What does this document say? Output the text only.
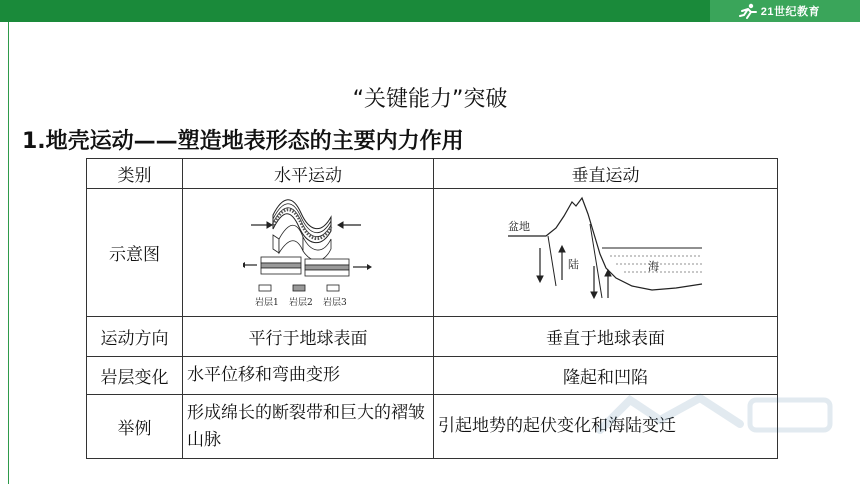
21世纪教育
“关键能力”突破
1.地壳运动——塑造地表形态的主要内力作用
类别	水平运动	垂直运动
示意图	岩层1 岩层2 岩层3	盆地
陆 海

运动方向	平行于地球表面	垂直于地球表面
岩层变化	水平位移和弯曲变形	隆起和凹陷
举例	形成绵长的断裂带和巨大的褶皱山脉	引起地势的起伏变化和海陆变迁
